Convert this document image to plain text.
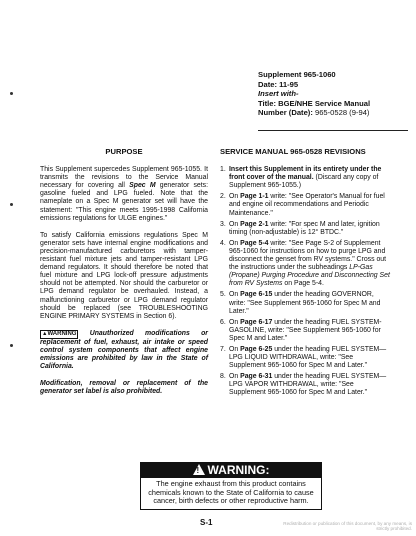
Supplement 965-1060
Date: 11-95
Insert with-
Title: BGE/NHE Service Manual
Number (Date): 965-0528 (9-94)
PURPOSE

This Supplement supercedes Supplement 965-1055. It transmits the revisions to the Service Manual necessary for covering all Spec M generator sets: gasoline fueled and LPG fueled. Note that the nameplate on a Spec M generator set will have the statement: "This engine meets 1995-1998 California emissions regulations for ULGE engines."

To satisfy California emissions regulations Spec M generator sets have internal engine modifications and precision-manufactured carburetors with tamper-resistant fuel mixture jets and tamper-resistant LPG demand regulators. It should therefore be noted that fuel mixture and LPG lock-off pressure adjustments should not be attempted. Nor should the carburetor or LPG demand regulator be overhauled. Instead, a malfunctioning carburetor or LPG demand regulator should be replaced (see TROUBLESHOOTING ENGINE PRIMARY SYSTEMS in Section 6).

▲WARNING Unauthorized modifications or replacement of fuel, exhaust, air intake or speed control system components that affect engine emissions are prohibited by law in the State of California.

Modification, removal or replacement of the generator set label is also prohibited.

SERVICE MANUAL 965-0528 REVISIONS
1. Insert this Supplement in its entirety under the front cover of the manual. (Discard any copy of Supplement 965-1055.)
2. On Page 1-1 write: "See Operator's Manual for fuel and engine oil recommendations and Periodic Maintenance."
3. On Page 2-1 write: "For spec M and later, ignition timing (non-adjustable) is 12° BTDC."
4. On Page 5-4 write: "See Page S-2 of Supplement 965-1060 for instructions on how to purge LPG and disconnect the genset from RV systems." Cross out the instructions under the subheadings LP-Gas (Propane) Purging Procedure and Disconnecting Set from RV Systems on Page 5-4.
5. On Page 6-15 under the heading GOVERNOR, write: "See Supplement 965-1060 for Spec M and Later."
6. On Page 6-17 under the heading FUEL SYSTEM-GASOLINE, write: "See Supplement 965-1060 for Spec M and Later."
7. On Page 6-25 under the heading FUEL SYSTEM—LPG LIQUID WITHDRAWAL, write: "See Supplement 965-1060 for Spec M and Later."
8. On Page 6-31 under the heading FUEL SYSTEM—LPG VAPOR WITHDRAWAL, write: "See Supplement 965-1060 for Spec M and Later."
! WARNING:
The engine exhaust from this product contains chemicals known to the State of California to cause cancer, birth defects or other reproductive harm.
S-1	Redistribution or publication of this document, by any means, is strictly prohibited.
